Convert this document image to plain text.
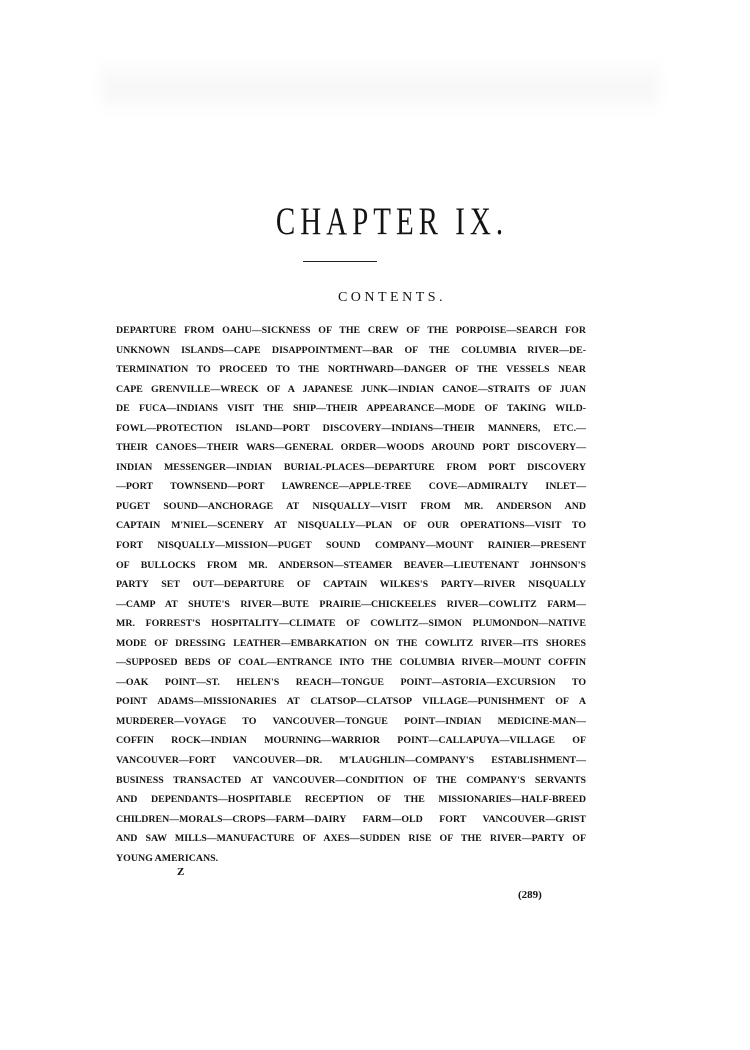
CHAPTER IX.
CONTENTS.
DEPARTURE FROM OAHU—SICKNESS OF THE CREW OF THE PORPOISE—SEARCH FOR
UNKNOWN ISLANDS—CAPE DISAPPOINTMENT—BAR OF THE COLUMBIA RIVER—DE-
TERMINATION TO PROCEED TO THE NORTHWARD—DANGER OF THE VESSELS NEAR
CAPE GRENVILLE—WRECK OF A JAPANESE JUNK—INDIAN CANOE—STRAITS OF JUAN
DE FUCA—INDIANS VISIT THE SHIP—THEIR APPEARANCE—MODE OF TAKING WILD-
FOWL—PROTECTION ISLAND—PORT DISCOVERY—INDIANS—THEIR MANNERS, ETC.—
THEIR CANOES—THEIR WARS—GENERAL ORDER—WOODS AROUND PORT DISCOVERY—
INDIAN MESSENGER—INDIAN BURIAL-PLACES—DEPARTURE FROM PORT DISCOVERY
—PORT TOWNSEND—PORT LAWRENCE—APPLE-TREE COVE—ADMIRALTY INLET—
PUGET SOUND—ANCHORAGE AT NISQUALLY—VISIT FROM MR. ANDERSON AND
CAPTAIN M'NIEL—SCENERY AT NISQUALLY—PLAN OF OUR OPERATIONS—VISIT TO
FORT NISQUALLY—MISSION—PUGET SOUND COMPANY—MOUNT RAINIER—PRESENT
OF BULLOCKS FROM MR. ANDERSON—STEAMER BEAVER—LIEUTENANT JOHNSON'S
PARTY SET OUT—DEPARTURE OF CAPTAIN WILKES'S PARTY—RIVER NISQUALLY
—CAMP AT SHUTE'S RIVER—BUTE PRAIRIE—CHICKEELES RIVER—COWLITZ FARM—
MR. FORREST'S HOSPITALITY—CLIMATE OF COWLITZ—SIMON PLUMONDON—NATIVE
MODE OF DRESSING LEATHER—EMBARKATION ON THE COWLITZ RIVER—ITS SHORES
—SUPPOSED BEDS OF COAL—ENTRANCE INTO THE COLUMBIA RIVER—MOUNT COFFIN
—OAK POINT—ST. HELEN'S REACH—TONGUE POINT—ASTORIA—EXCURSION TO
POINT ADAMS—MISSIONARIES AT CLATSOP—CLATSOP VILLAGE—PUNISHMENT OF A
MURDERER—VOYAGE TO VANCOUVER—TONGUE POINT—INDIAN MEDICINE-MAN—
COFFIN ROCK—INDIAN MOURNING—WARRIOR POINT—CALLAPUYA—VILLAGE OF
VANCOUVER—FORT VANCOUVER—DR. M'LAUGHLIN—COMPANY'S ESTABLISHMENT—
BUSINESS TRANSACTED AT VANCOUVER—CONDITION OF THE COMPANY'S SERVANTS
AND DEPENDANTS—HOSPITABLE RECEPTION OF THE MISSIONARIES—HALF-BREED
CHILDREN—MORALS—CROPS—FARM—DAIRY FARM—OLD FORT VANCOUVER—GRIST
AND SAW MILLS—MANUFACTURE OF AXES—SUDDEN RISE OF THE RIVER—PARTY OF
YOUNG AMERICANS.
Z
(289)
